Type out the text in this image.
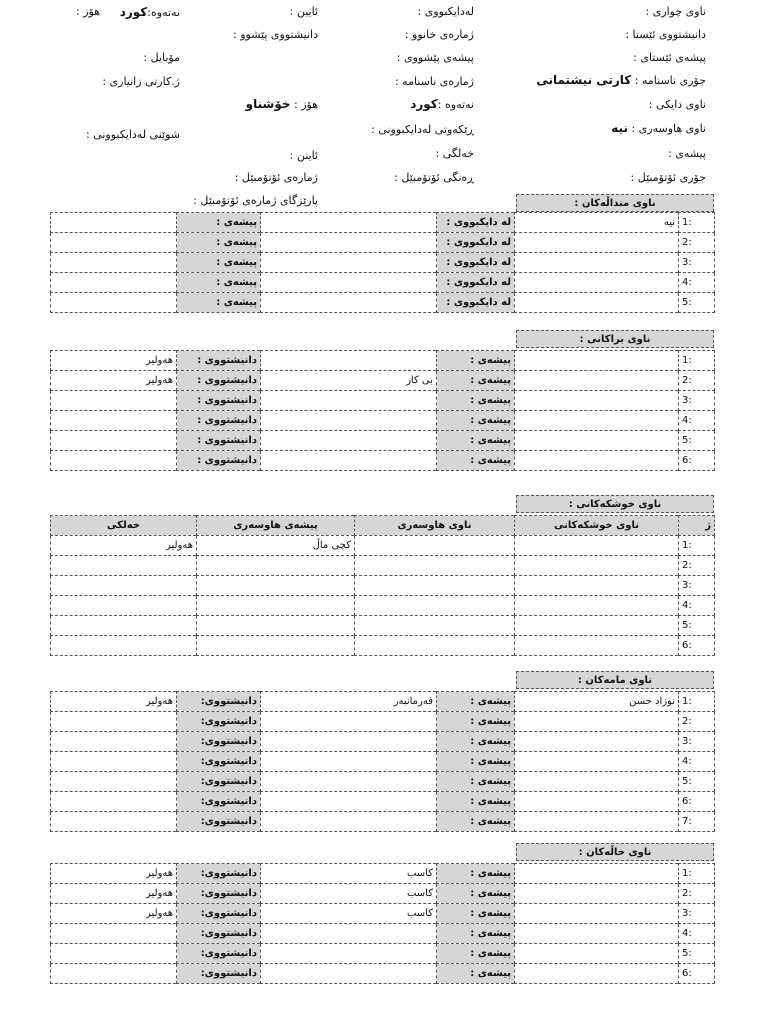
ناوی چواری :
لەدایکبووی :
ئایین :
نەتەوە:کورد
هۆز :
دانیشتووی ئێستا :
ژمارەی خانوو :
دانیشتووی پێشوو :
پیشەی ئێستای :
پیشەی پێشووی :
مۆبایل :
جۆری ناسنامە : کارتی نیشتمانی
ژمارەی ناسنامە :
ژ.کارتی زانیاری :
ناوی دایکی :
نەتەوە :کورد
هۆز : خۆشناو
ناوی هاوسەری : نیە
ڕێکەوتی لەدایکبوونی :
شوێنی لەدایکبوونی :
پیشەی :
خەلگی :
ئاینن :
جۆری ئۆتۆمبێل :
ڕەنگی ئۆتۆمبێل :
ژمارەی ئۆتۆمبێل :
پارێزگای ژمارەی ئۆتۆمبێل :	ناوی منداڵەکان :
1:	نیە	لە دایکبووی :		پیشەی :	
2:		لە دایکبووی :		پیشەی :	
3:		لە دایکبووی :		پیشەی :	
4:		لە دایکبووی :		پیشەی :	
5:		لە دایکبووی :		پیشەی :	
ناوی براکانی :
1:		پیشەی :		دانیشتووی :	هەولیر
2:		پیشەی :	بی کار	دانیشتووی :	هەولیر
3:		پیشەی :		دانیشتووی :	
4:		پیشەی :		دانیشتووی :	
5:		پیشەی :		دانیشتووی :	
6:		پیشەی :		دانیشتووی :	
ناوی خوشکەکانی :
ژ	ناوی خوشکەکانی	ناوی هاوسەری	پیشەی هاوسەری	خەلکی
1:			کچی ماڵ	هەولیر
2:				
3:				
4:				
5:				
6:				
ناوی مامەکان :
1:	نوزاد حسن	پیشەی :	فەرمانبەر	دانیشتووی:	هەولیر
2:		پیشەی :		دانیشتووی:	
3:		پیشەی :		دانیشتووی:	
4:		پیشەی :		دانیشتووی:	
5:		پیشەی :		دانیشتووی:	
6:		پیشەی :		دانیشتووی:	
7:		پیشەی :		دانیشتووی:	
ناوی خاڵەکان :
1:		پیشەی :	کاسب	دانیشتووی:	هەولیر
2:		پیشەی :	کاسب	دانیشتووی:	هەولیر
3:		پیشەی :	کاسب	دانیشتووی:	هەولیر
4:		پیشەی :		دانیشتووی:	
5:		پیشەی :		دانیشتووی:	
6:		پیشەی :		دانیشتووی:	
